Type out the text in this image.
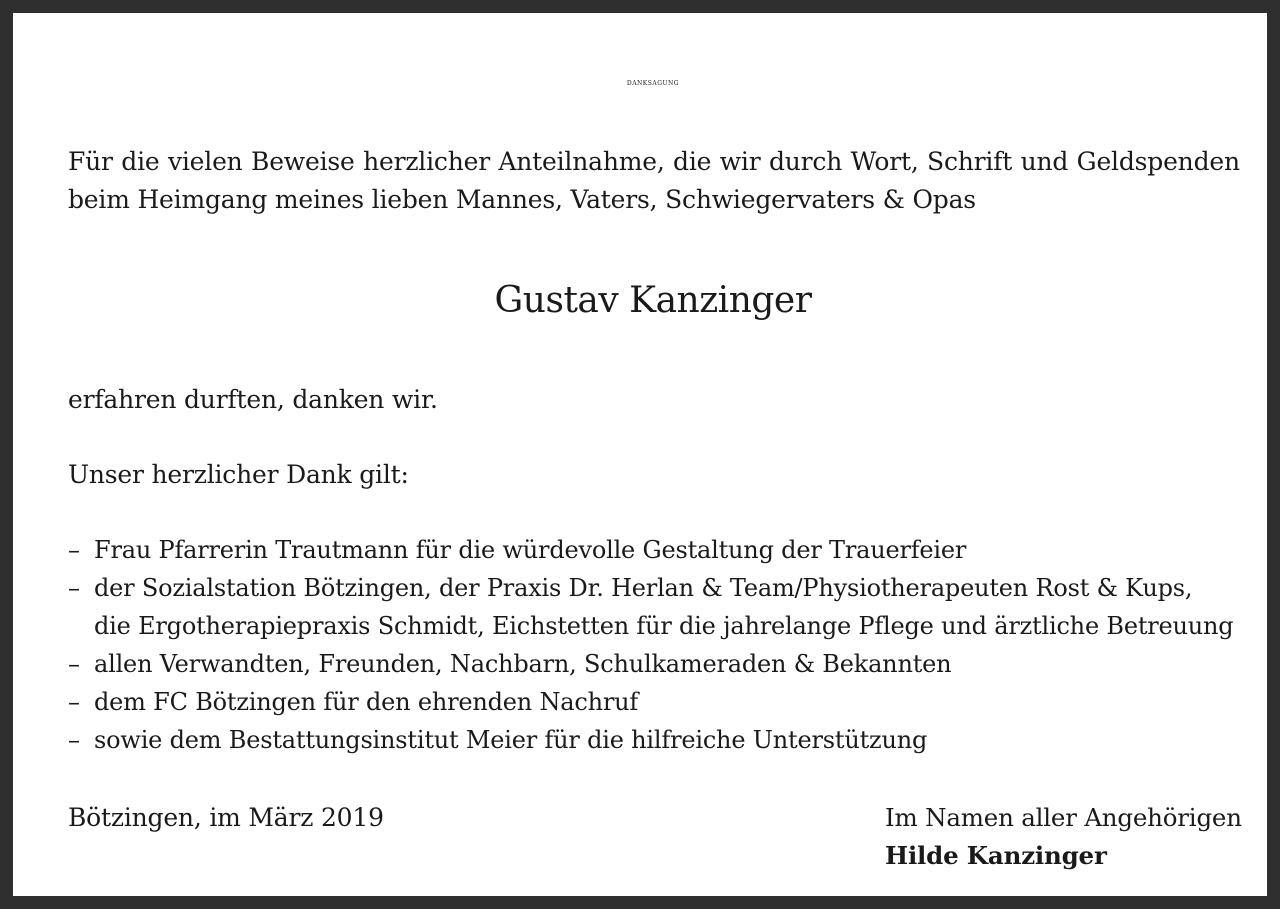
DANKSAGUNG

Für die vielen Beweise herzlicher Anteilnahme, die wir durch Wort, Schrift und Geldspenden
beim Heimgang meines lieben Mannes, Vaters, Schwiegervaters & Opas

Gustav Kanzinger

erfahren durften, danken wir.

Unser herzlicher Dank gilt:

– Frau Pfarrerin Trautmann für die würdevolle Gestaltung der Trauerfeier
– der Sozialstation Bötzingen, der Praxis Dr. Herlan & Team/Physiotherapeuten Rost & Kups,
die Ergotherapiepraxis Schmidt, Eichstetten für die jahrelange Pflege und ärztliche Betreuung
– allen Verwandten, Freunden, Nachbarn, Schulkameraden & Bekannten
– dem FC Bötzingen für den ehrenden Nachruf
– sowie dem Bestattungsinstitut Meier für die hilfreiche Unterstützung

Bötzingen, im März 2019	Im Namen aller Angehörigen
Hilde Kanzinger
